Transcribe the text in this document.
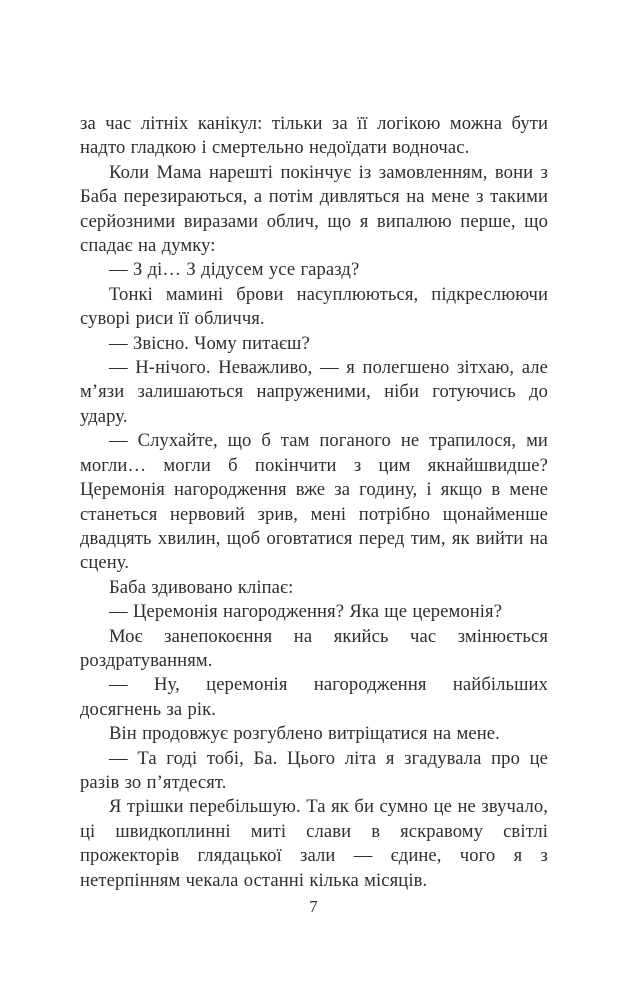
за час літніх канікул: тільки за її логікою можна бути надто гладкою і смертельно недоїдати водночас.

Коли Мама нарешті покінчує із замовленням, вони з Баба перезираються, а потім дивляться на мене з такими серйозними виразами облич, що я випалюю перше, що спадає на думку:

— З ді… З дідусем усе гаразд?

Тонкі мамині брови насуплюються, підкреслюючи суворі риси її обличчя.

— Звісно. Чому питаєш?

— Н-нічого. Неважливо, — я полегшено зітхаю, але м’язи залишаються напруженими, ніби готуючись до удару.

— Слухайте, що б там поганого не трапилося, ми могли… могли б покінчити з цим якнайшвидше? Церемонія нагородження вже за годину, і якщо в мене станеться нервовий зрив, мені потрібно щонайменше двадцять хвилин, щоб оговтатися перед тим, як вийти на сцену.

Баба здивовано кліпає:

— Церемонія нагородження? Яка ще церемонія?

Моє занепокоєння на якийсь час змінюється роздратуванням.

— Ну, церемонія нагородження найбільших досягнень за рік.

Він продовжує розгублено витріщатися на мене.

— Та годі тобі, Ба. Цього літа я згадувала про це разів зо п’ятдесят.

Я трішки перебільшую. Та як би сумно це не звучало, ці швидкоплинні миті слави в яскравому світлі прожекторів глядацької зали — єдине, чого я з нетерпінням чекала останні кілька місяців.

7
